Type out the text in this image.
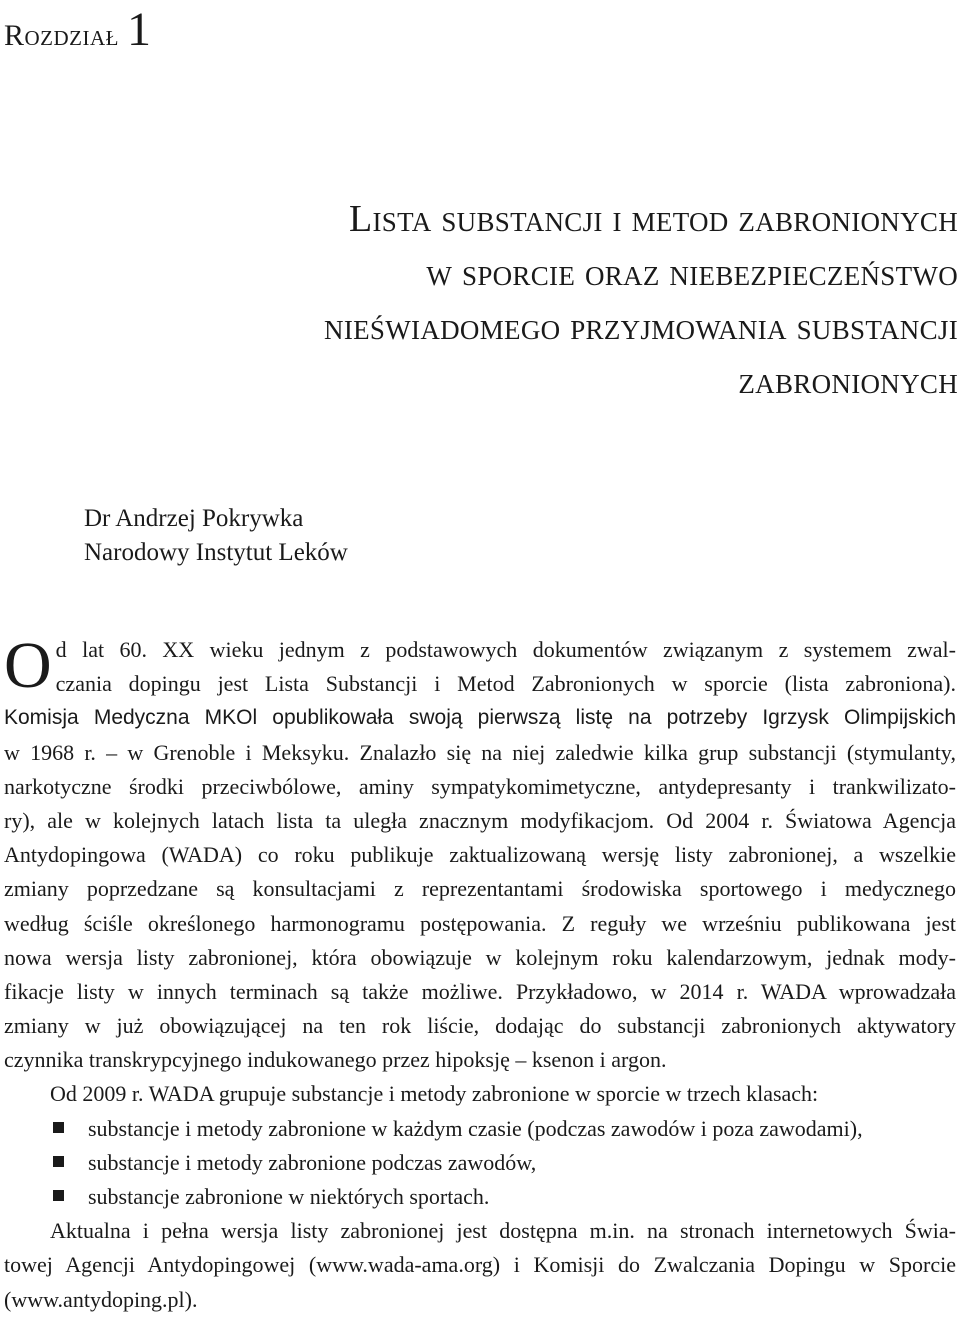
Rozdział 1
Lista substancji i metod zabronionych
w sporcie oraz niebezpieczeństwo
nieświadomego przyjmowania substancji
zabronionych
Dr Andrzej Pokrywka
Narodowy Instytut Leków
O d lat 60. XX wieku jednym z podstawowych dokumentów związanym z systemem zwal-
czania dopingu jest Lista Substancji i Metod Zabronionych w sporcie (lista zabroniona).
Komisja Medyczna MKOl opublikowała swoją pierwszą listę na potrzeby Igrzysk Olimpijskich
w 1968 r. – w Grenoble i Meksyku. Znalazło się na niej zaledwie kilka grup substancji (stymulanty,
narkotyczne środki przeciwbólowe, aminy sympatykomimetyczne, antydepresanty i trankwilizato-
ry), ale w kolejnych latach lista ta uległa znacznym modyfikacjom. Od 2004 r. Światowa Agencja
Antydopingowa (WADA) co roku publikuje zaktualizowaną wersję listy zabronionej, a wszelkie
zmiany poprzedzane są konsultacjami z reprezentantami środowiska sportowego i medycznego
według ściśle określonego harmonogramu postępowania. Z reguły we wrześniu publikowana jest
nowa wersja listy zabronionej, która obowiązuje w kolejnym roku kalendarzowym, jednak mody-
fikacje listy w innych terminach są także możliwe. Przykładowo, w 2014 r. WADA wprowadzała
zmiany w już obowiązującej na ten rok liście, dodając do substancji zabronionych aktywatory
czynnika transkrypcyjnego indukowanego przez hipoksję – ksenon i argon.
Od 2009 r. WADA grupuje substancje i metody zabronione w sporcie w trzech klasach:
substancje i metody zabronione w każdym czasie (podczas zawodów i poza zawodami),
substancje i metody zabronione podczas zawodów,
substancje zabronione w niektórych sportach.
Aktualna i pełna wersja listy zabronionej jest dostępna m.in. na stronach internetowych Świa-
towej Agencji Antydopingowej (www.wada-ama.org) i Komisji do Zwalczania Dopingu w Sporcie
(www.antydoping.pl).
